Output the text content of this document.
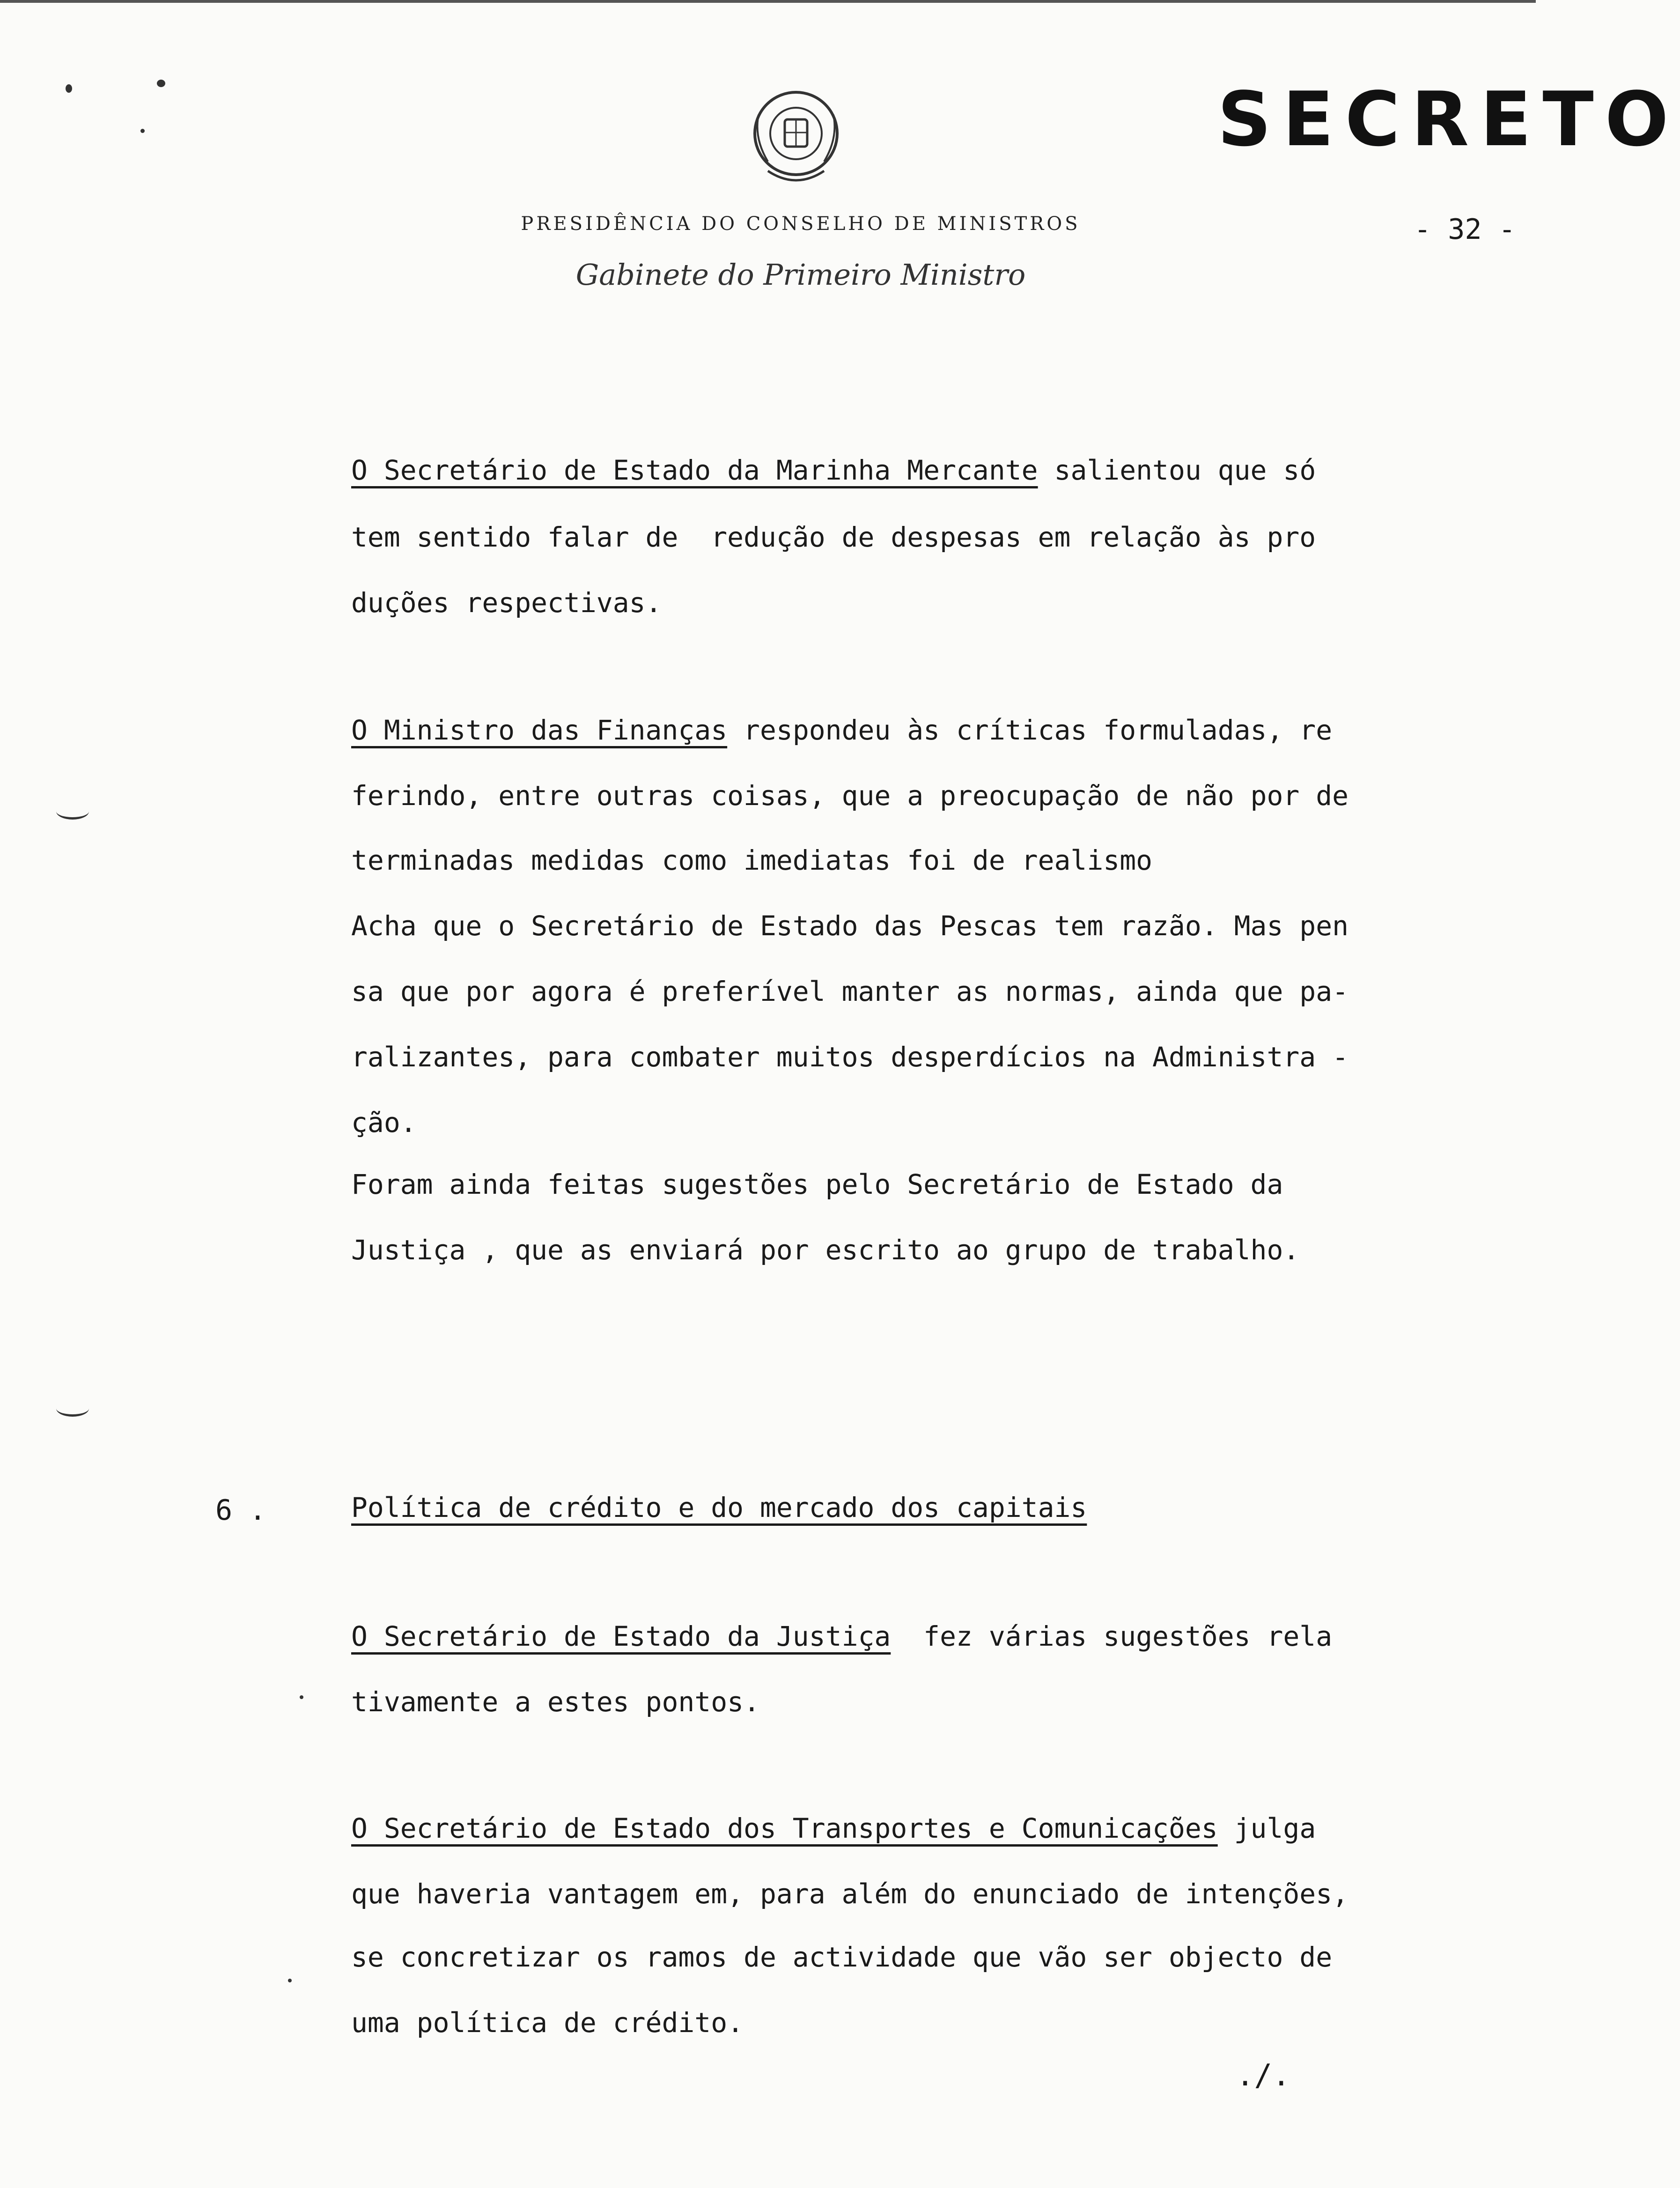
SECRETO
PRESIDÊNCIA DO CONSELHO DE MINISTROS
Gabinete do Primeiro Ministro
- 32 -
O Secretário de Estado da Marinha Mercante salientou que só
tem sentido falar de  redução de despesas em relação às pro
duções respectivas.
O Ministro das Finanças respondeu às críticas formuladas, re
ferindo, entre outras coisas, que a preocupação de não por de
terminadas medidas como imediatas foi de realismo
Acha que o Secretário de Estado das Pescas tem razão. Mas pen
sa que por agora é preferível manter as normas, ainda que pa-
ralizantes, para combater muitos desperdícios na Administra -
ção.
Foram ainda feitas sugestões pelo Secretário de Estado da
Justiça , que as enviará por escrito ao grupo de trabalho.
6 .	Política de crédito e do mercado dos capitais
O Secretário de Estado da Justiça  fez várias sugestões rela
tivamente a estes pontos.
O Secretário de Estado dos Transportes e Comunicações julga
que haveria vantagem em, para além do enunciado de intenções,
se concretizar os ramos de actividade que vão ser objecto de
uma política de crédito.
./.
